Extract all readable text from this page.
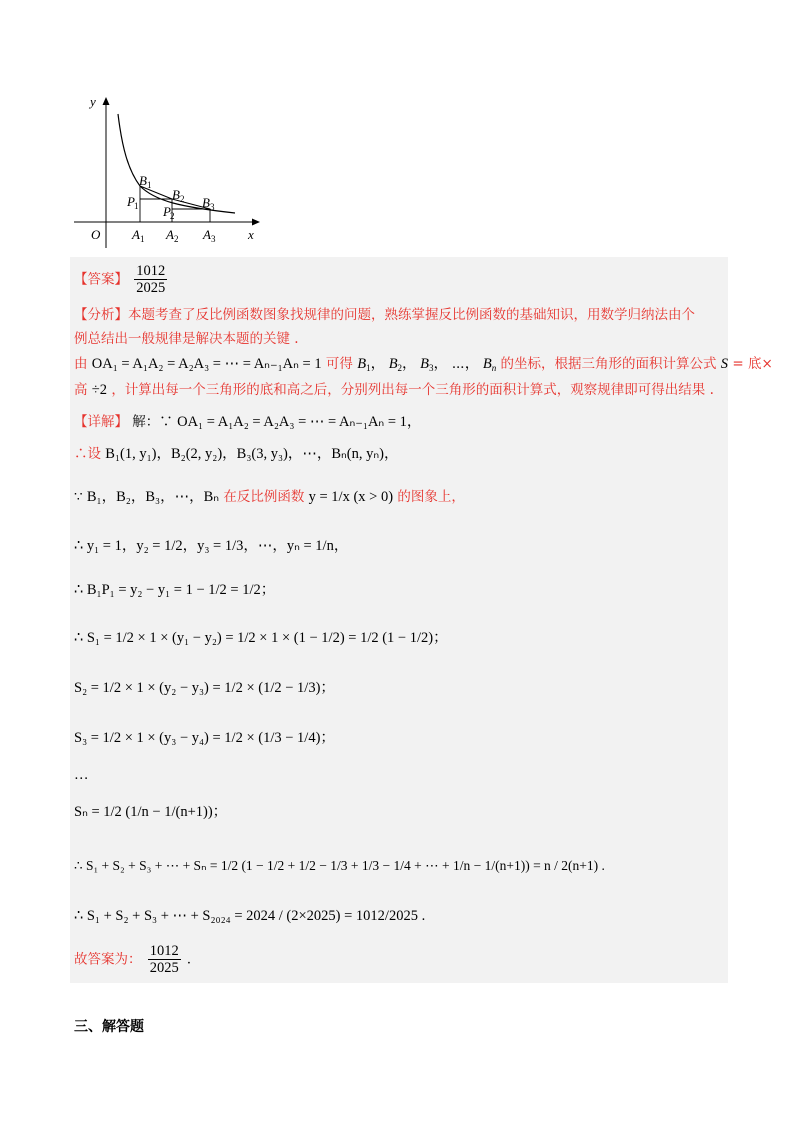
y
x
O
B 1
B 2 B 3
P 1 P 2
A 1 A 2 A 3
【答案】 $\frac{1012}{2025}$
【分析】本题考查了反比例函数图象找规律的问题，熟练掌握反比例函数的基础知识，用数学归纳法由个
例总结出一般规律是解决本题的关键 .
由 OA₁ = A₁A₂ = A₂A₃ = ⋯ = Aₙ₋₁Aₙ = 1 可得 $B_1$， $B_2$， $B_3$， ⋯， $B_n$ 的坐标，根据三角形的面积计算公式 S = 底×
高 ÷2 ，计算出每一个三角形的底和高之后，分别列出每一个三角形的面积计算式，观察规律即可得出结果 .
【详解】 解：∵ OA₁ = A₁A₂ = A₂A₃ = ⋯ = Aₙ₋₁Aₙ = 1，
∴设 B₁(1, y₁)，B₂(2, y₂)，B₃(3, y₃)，⋯，Bₙ(n, yₙ)，
∵ B₁，B₂，B₃，⋯，Bₙ 在反比例函数 y = 1/x (x > 0) 的图象上，
∴ y₁ = 1，y₂ = 1/2，y₃ = 1/3，⋯，yₙ = 1/n，
∴ B₁P₁ = y₂ − y₁ = 1 − 1/2 = 1/2；
∴ S₁ = 1/2 × 1 × (y₁ − y₂) = 1/2 × 1 × (1 − 1/2) = 1/2 (1 − 1/2)；
S₂ = 1/2 × 1 × (y₂ − y₃) = 1/2 × (1/2 − 1/3)；
S₃ = 1/2 × 1 × (y₃ − y₄) = 1/2 × (1/3 − 1/4)；
…
Sₙ = 1/2 (1/n − 1/(n+1))；
∴ S₁ + S₂ + S₃ + ⋯ + Sₙ = 1/2 (1 − 1/2 + 1/2 − 1/3 + 1/3 − 1/4 + ⋯ + 1/n − 1/(n+1)) = n / 2(n+1) .
∴ S₁ + S₂ + S₃ + ⋯ + S₂₀₂₄ = 2024 / (2×2025) = 1012/2025 .
故答案为： $\frac{1012}{2025}$ .
三、解答题
